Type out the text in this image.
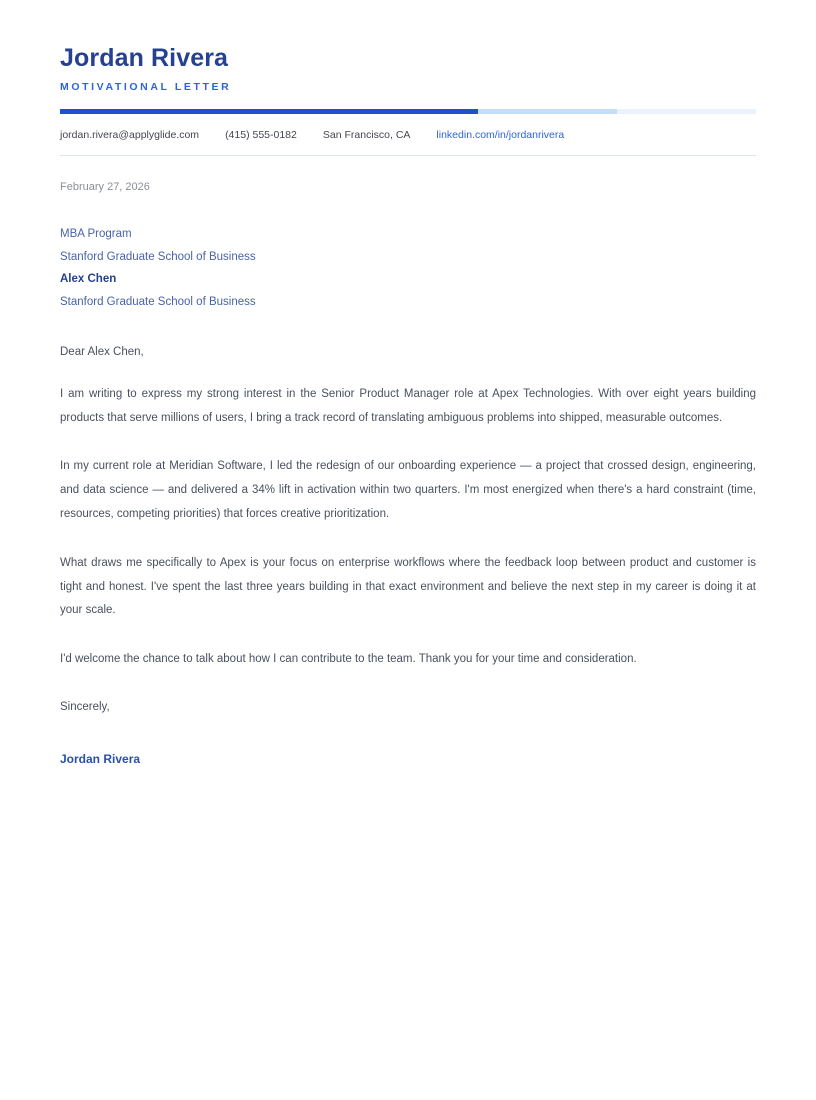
Jordan Rivera
MOTIVATIONAL LETTER
jordan.rivera@applyglide.com (415) 555-0182 San Francisco, CA linkedin.com/in/jordanrivera
February 27, 2026
MBA Program
Stanford Graduate School of Business
Alex Chen
Stanford Graduate School of Business
Dear Alex Chen,

I am writing to express my strong interest in the Senior Product Manager role at Apex Technologies. With over eight years building products that serve millions of users, I bring a track record of translating ambiguous problems into shipped, measurable outcomes.

In my current role at Meridian Software, I led the redesign of our onboarding experience — a project that crossed design, engineering, and data science — and delivered a 34% lift in activation within two quarters. I'm most energized when there's a hard constraint (time, resources, competing priorities) that forces creative prioritization.

What draws me specifically to Apex is your focus on enterprise workflows where the feedback loop between product and customer is tight and honest. I've spent the last three years building in that exact environment and believe the next step in my career is doing it at your scale.

I'd welcome the chance to talk about how I can contribute to the team. Thank you for your time and consideration.

Sincerely,
Jordan Rivera
